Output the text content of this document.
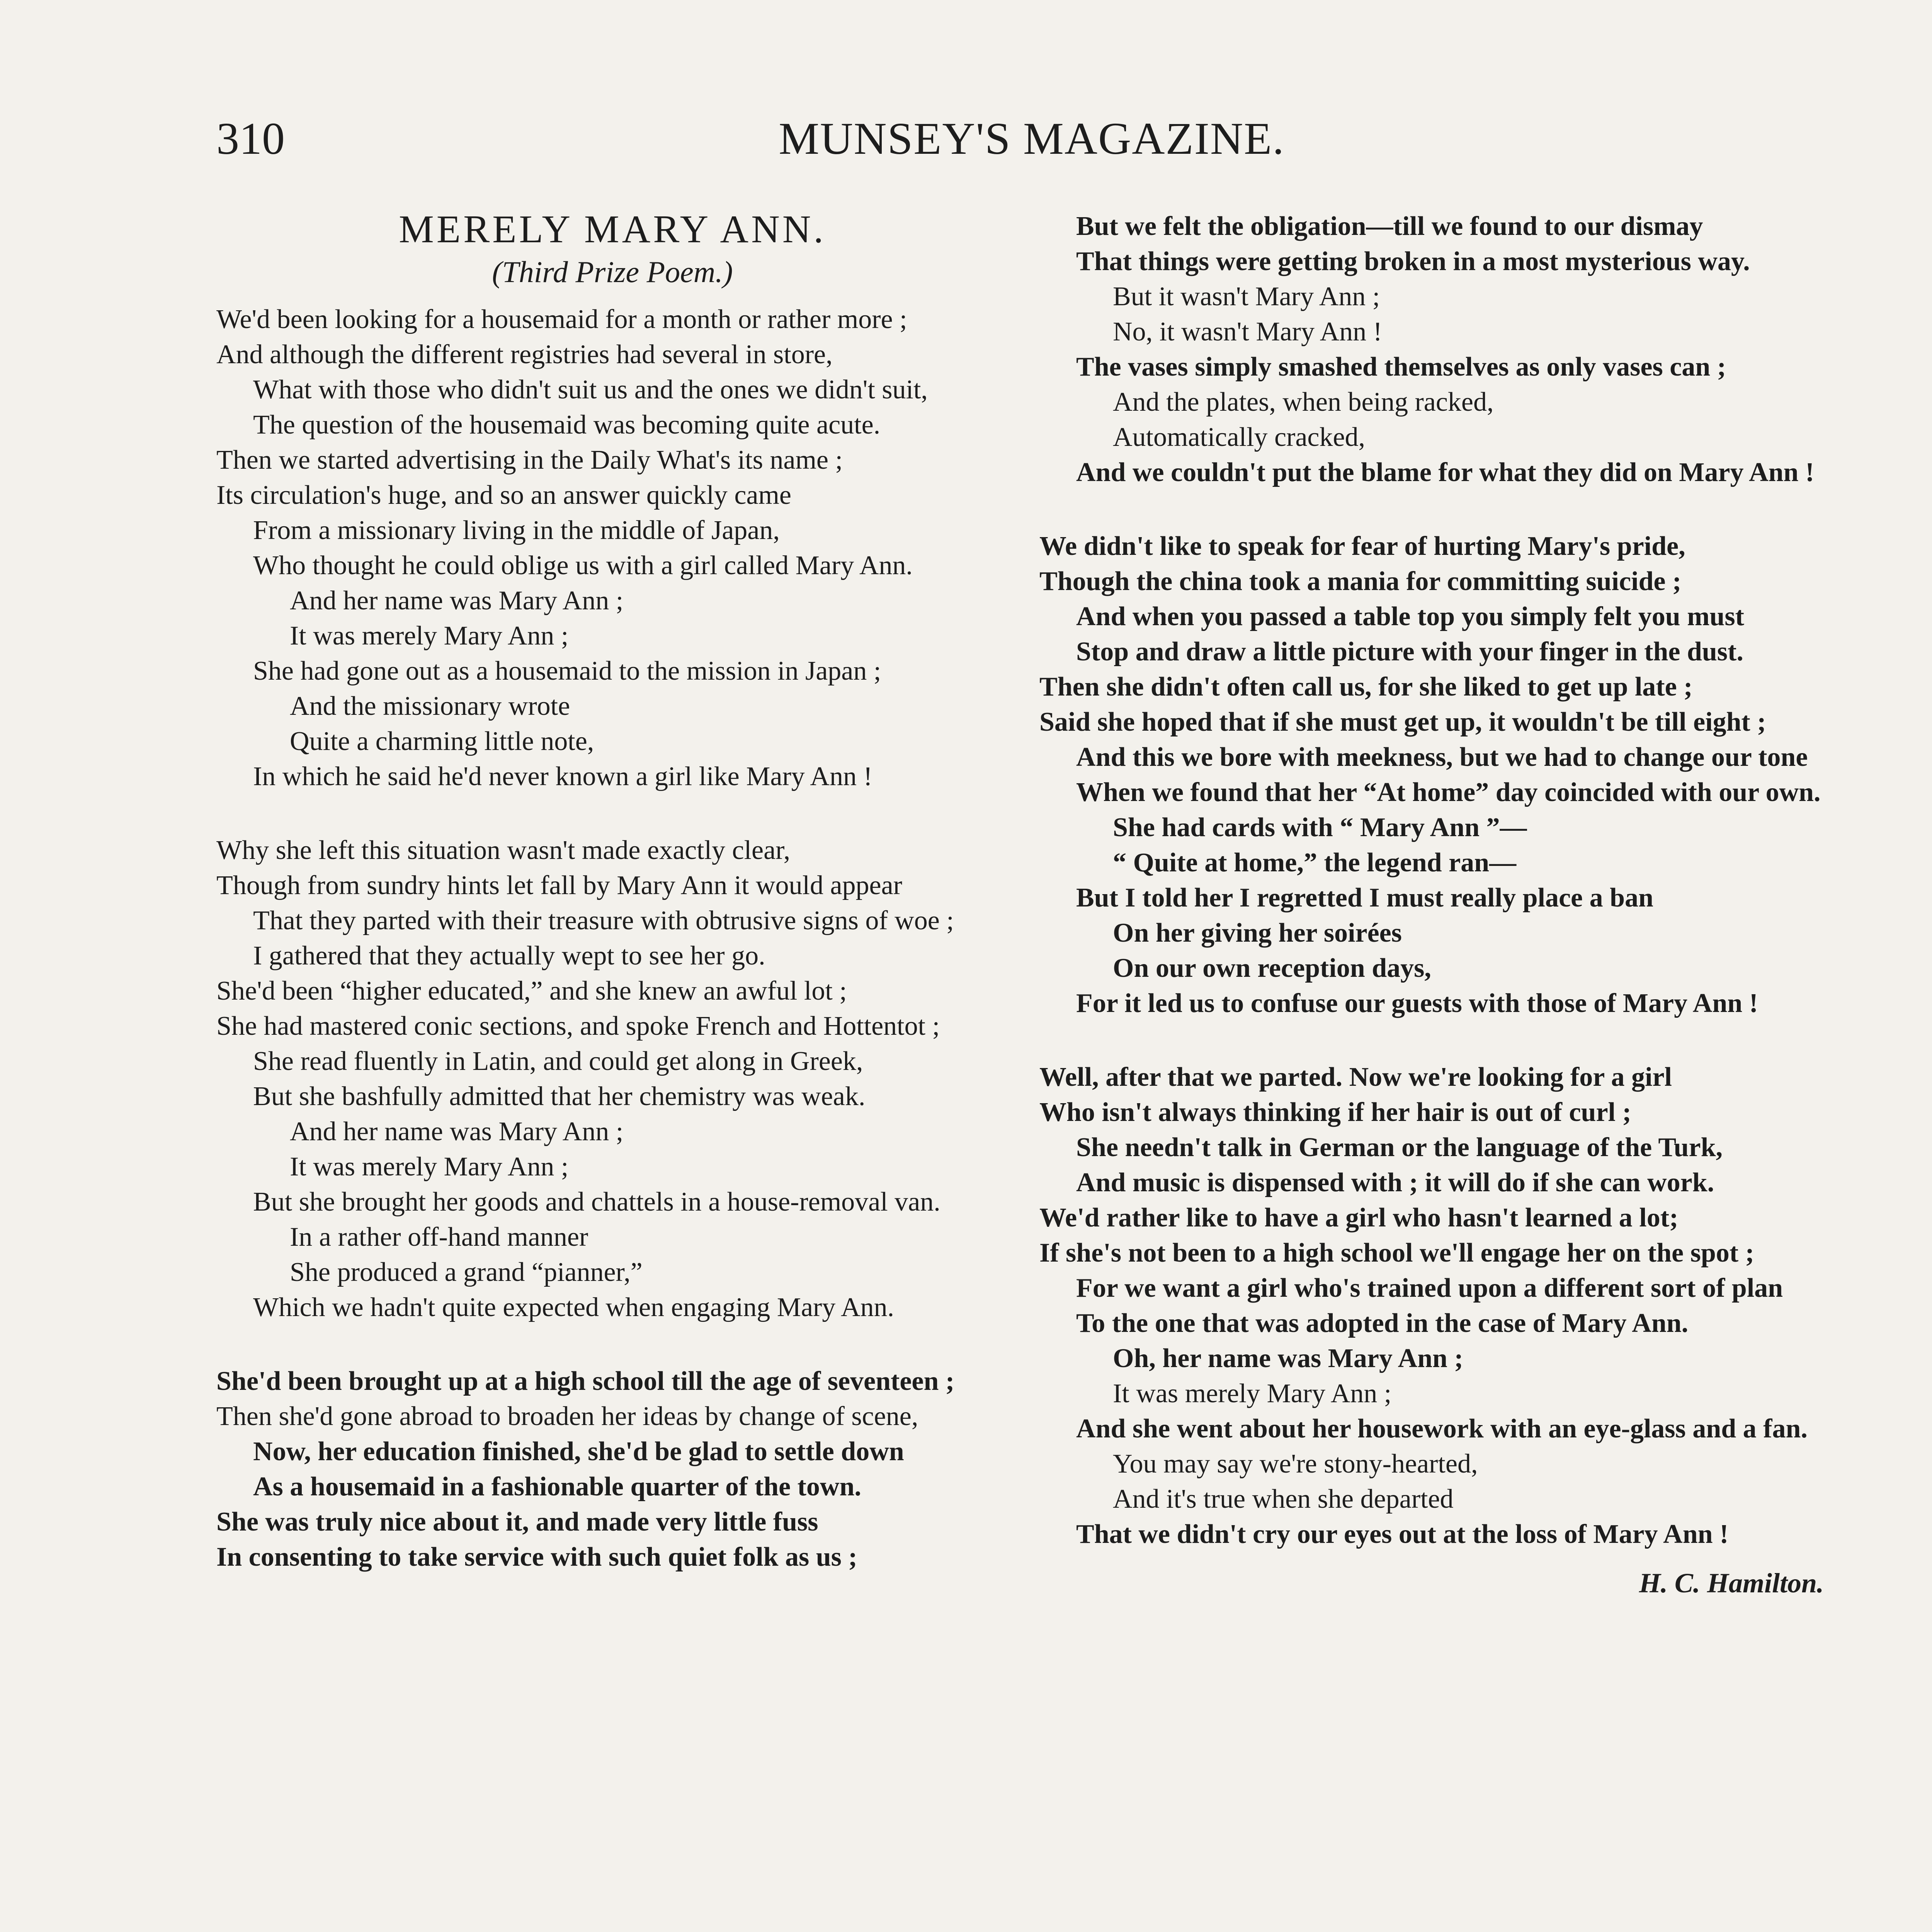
310	MUNSEY'S MAGAZINE.
MERELY MARY ANN.
(Third Prize Poem.)
We'd been looking for a housemaid for a month or rather more ;
And although the different registries had several in store,
What with those who didn't suit us and the ones we didn't suit,
The question of the housemaid was becoming quite acute.
Then we started advertising in the Daily What's its name ;
Its circulation's huge, and so an answer quickly came
From a missionary living in the middle of Japan,
Who thought he could oblige us with a girl called Mary Ann.
And her name was Mary Ann ;
It was merely Mary Ann ;
She had gone out as a housemaid to the mission in Japan ;
And the missionary wrote
Quite a charming little note,
In which he said he'd never known a girl like Mary Ann !
Why she left this situation wasn't made exactly clear,
Though from sundry hints let fall by Mary Ann it would appear
That they parted with their treasure with obtrusive signs of woe ;
I gathered that they actually wept to see her go.
She'd been “higher educated,” and she knew an awful lot ;
She had mastered conic sections, and spoke French and Hottentot ;
She read fluently in Latin, and could get along in Greek,
But she bashfully admitted that her chemistry was weak.
And her name was Mary Ann ;
It was merely Mary Ann ;
But she brought her goods and chattels in a house-removal van.
In a rather off-hand manner
She produced a grand “pianner,”
Which we hadn't quite expected when engaging Mary Ann.
She'd been brought up at a high school till the age of seventeen ;
Then she'd gone abroad to broaden her ideas by change of scene,
Now, her education finished, she'd be glad to settle down
As a housemaid in a fashionable quarter of the town.
She was truly nice about it, and made very little fuss
In consenting to take service with such quiet folk as us ;
But we felt the obligation—till we found to our dismay
That things were getting broken in a most mysterious way.
But it wasn't Mary Ann ;
No, it wasn't Mary Ann !
The vases simply smashed themselves as only vases can ;
And the plates, when being racked,
Automatically cracked,
And we couldn't put the blame for what they did on Mary Ann !
We didn't like to speak for fear of hurting Mary's pride,
Though the china took a mania for committing suicide ;
And when you passed a table top you simply felt you must
Stop and draw a little picture with your finger in the dust.
Then she didn't often call us, for she liked to get up late ;
Said she hoped that if she must get up, it wouldn't be till eight ;
And this we bore with meekness, but we had to change our tone
When we found that her “At home” day coincided with our own.
She had cards with “ Mary Ann ”—
“ Quite at home,” the legend ran—
But I told her I regretted I must really place a ban
On her giving her soirées
On our own reception days,
For it led us to confuse our guests with those of Mary Ann !
Well, after that we parted. Now we're looking for a girl
Who isn't always thinking if her hair is out of curl ;
She needn't talk in German or the language of the Turk,
And music is dispensed with ; it will do if she can work.
We'd rather like to have a girl who hasn't learned a lot;
If she's not been to a high school we'll engage her on the spot ;
For we want a girl who's trained upon a different sort of plan
To the one that was adopted in the case of Mary Ann.
Oh, her name was Mary Ann ;
It was merely Mary Ann ;
And she went about her housework with an eye-glass and a fan.
You may say we're stony-hearted,
And it's true when she departed
That we didn't cry our eyes out at the loss of Mary Ann !
H. C. Hamilton.
